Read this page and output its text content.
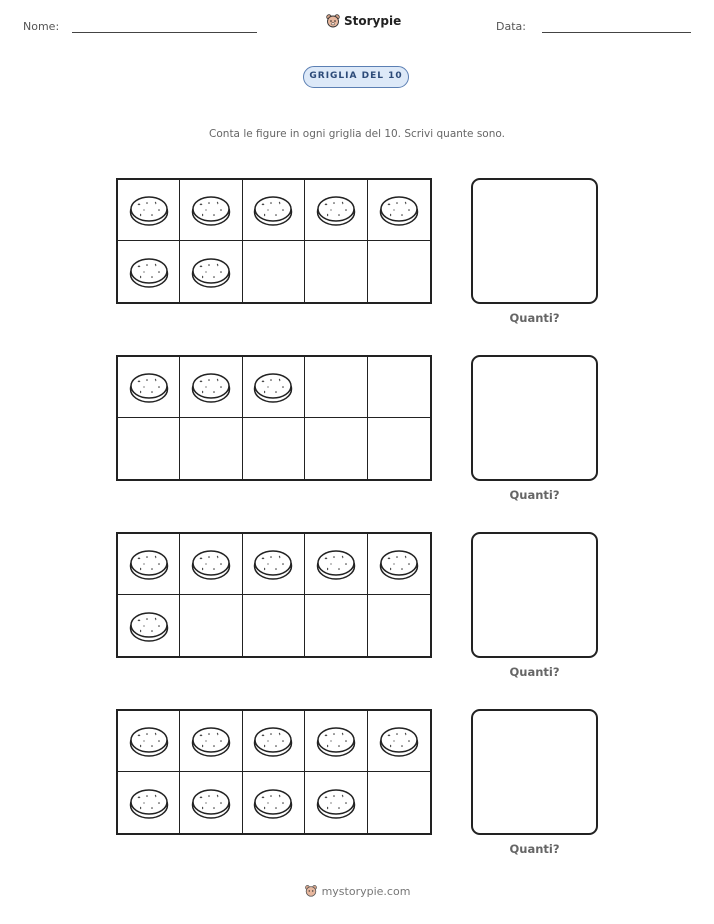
Nome:	Storypie	Data:
GRIGLIA DEL 10
Conta le figure in ogni griglia del 10. Scrivi quante sono.
Quanti?
Quanti?
Quanti?
Quanti?
mystorypie.com
